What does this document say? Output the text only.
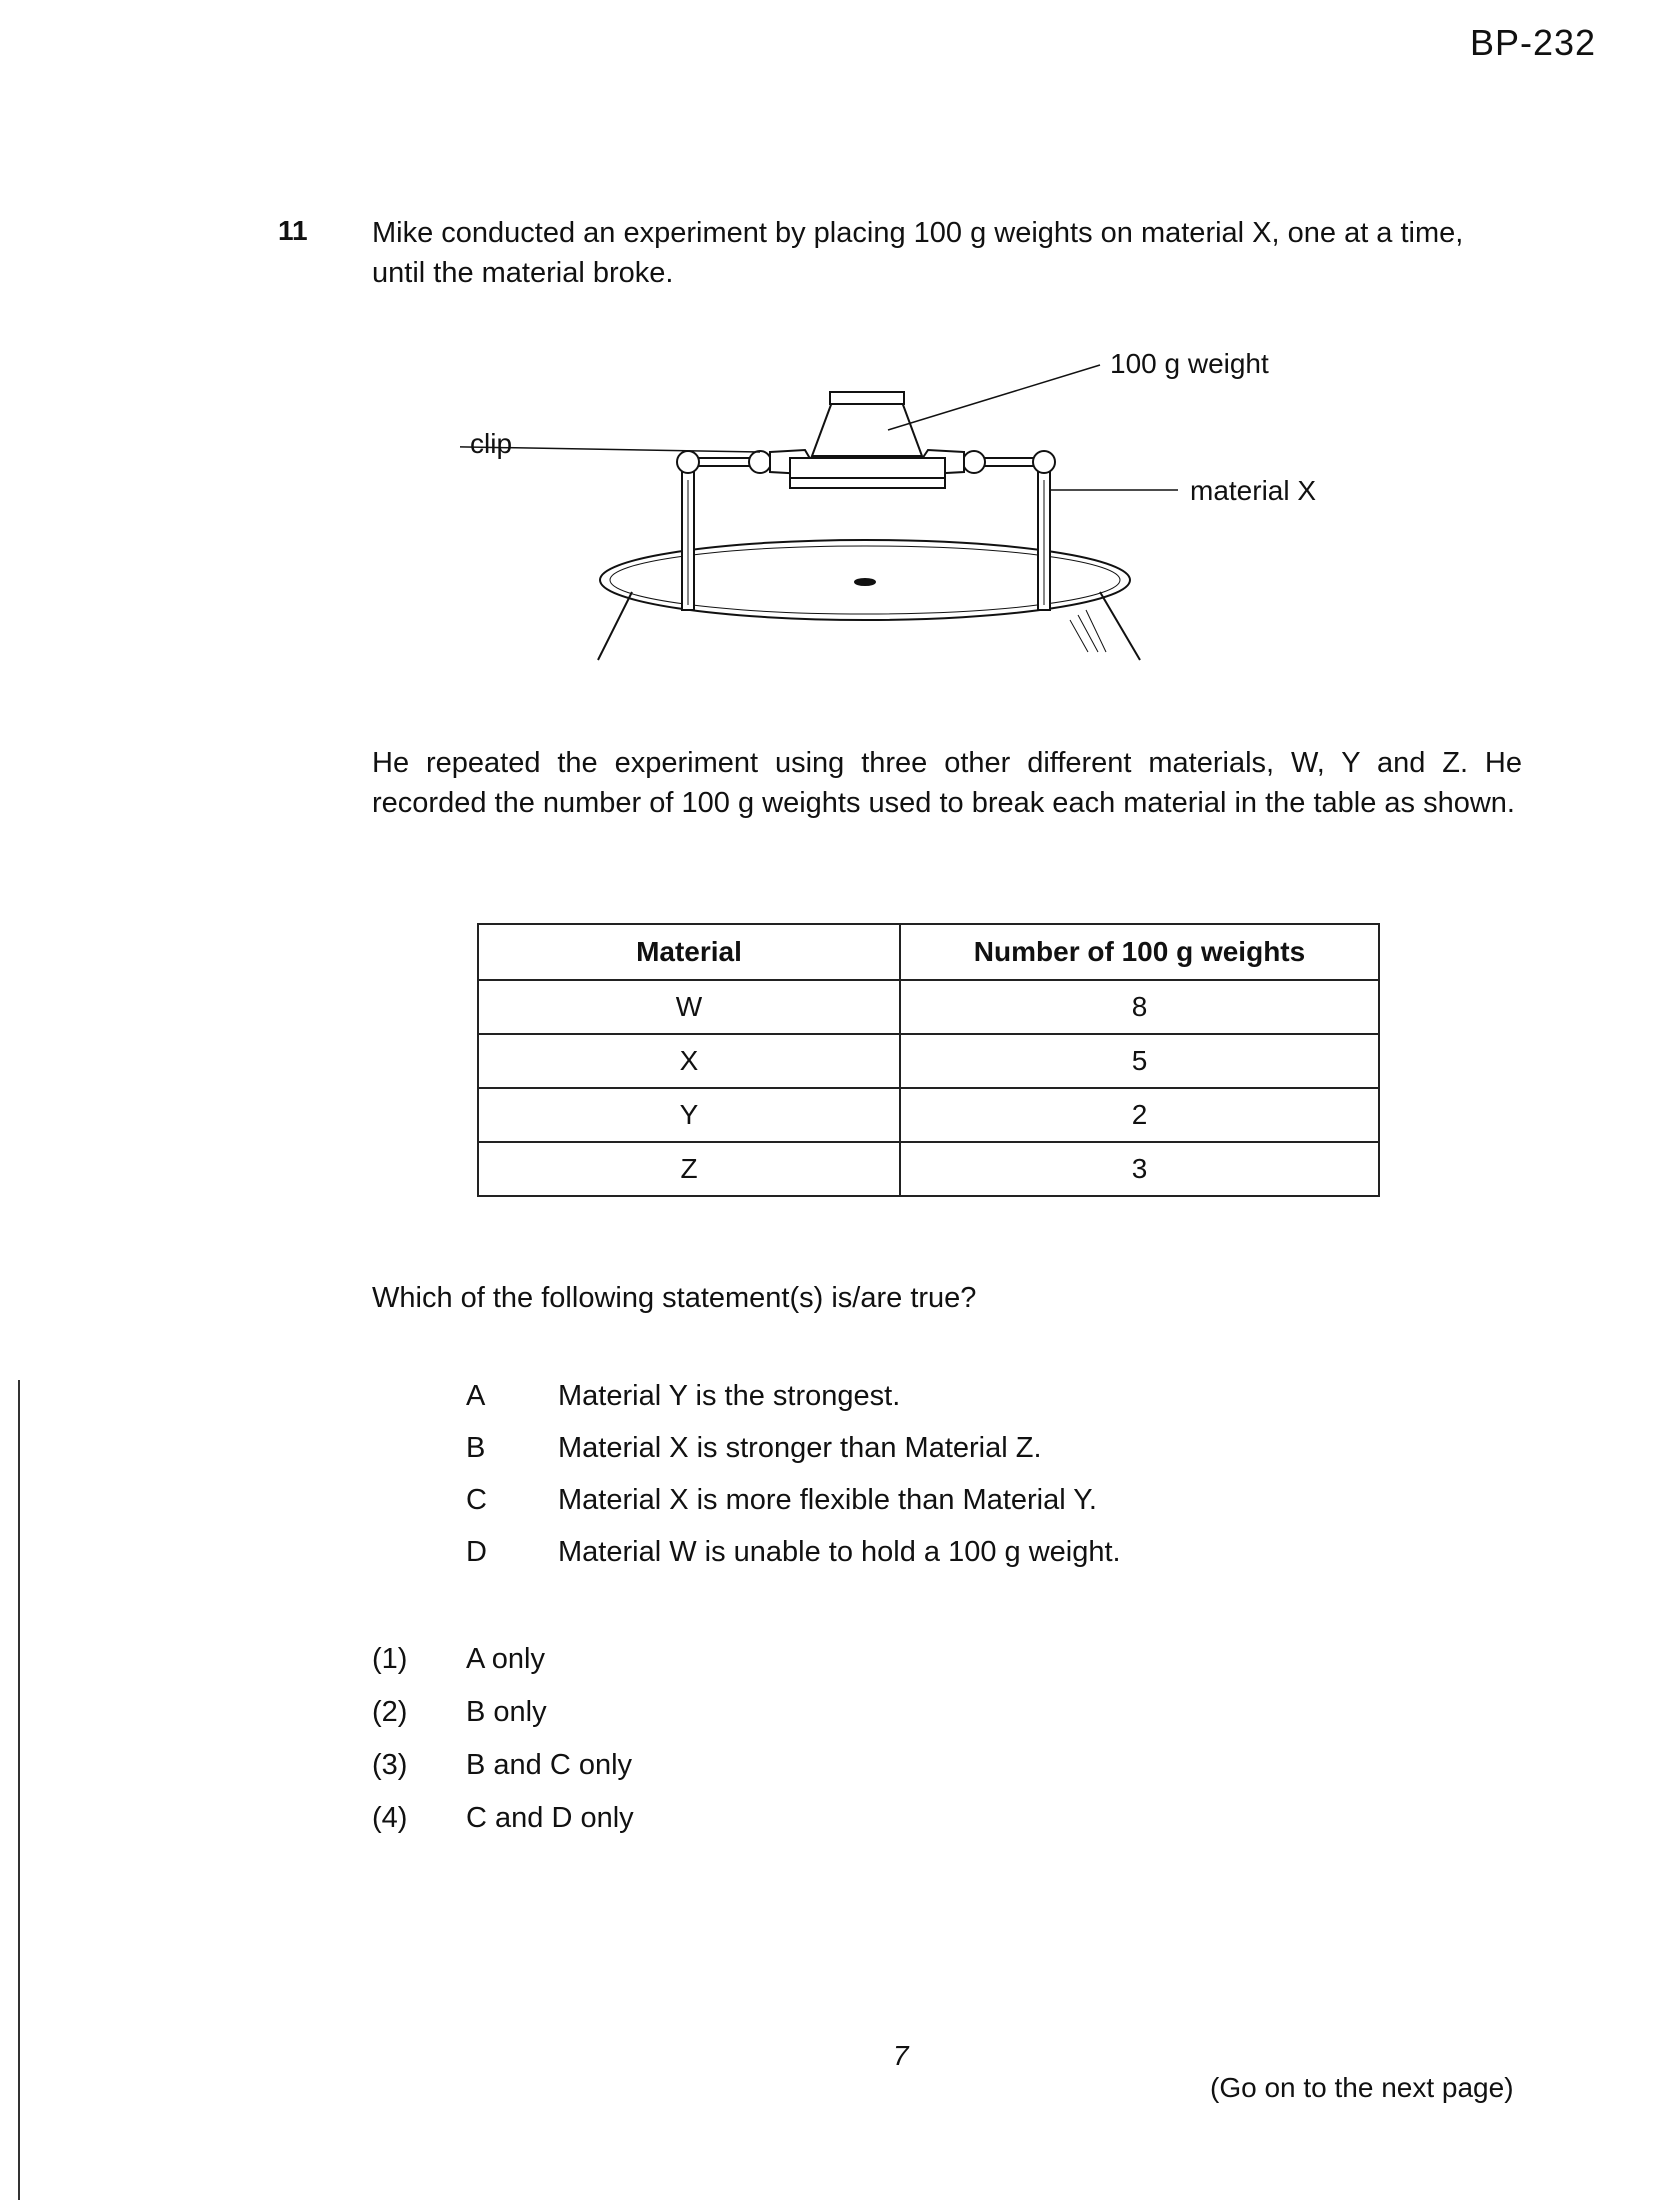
BP-232
11 Mike conducted an experiment by placing 100 g weights on material X, one at a time, until the material broke.

clip
100 g weight
material X

He repeated the experiment using three other different materials, W, Y and Z. He recorded the number of 100 g weights used to break each material in the table as shown.

Material	Number of 100 g weights
W	8
X	5
Y	2
Z	3
Which of the following statement(s) is/are true?
A	Material Y is the strongest.
B	Material X is stronger than Material Z.
C Material X is more flexible than Material Y.
D Material W is unable to hold a 100 g weight.
(1) A only
(2) B only
(3) B and C only
(4) C and D only
7
(Go on to the next page)
